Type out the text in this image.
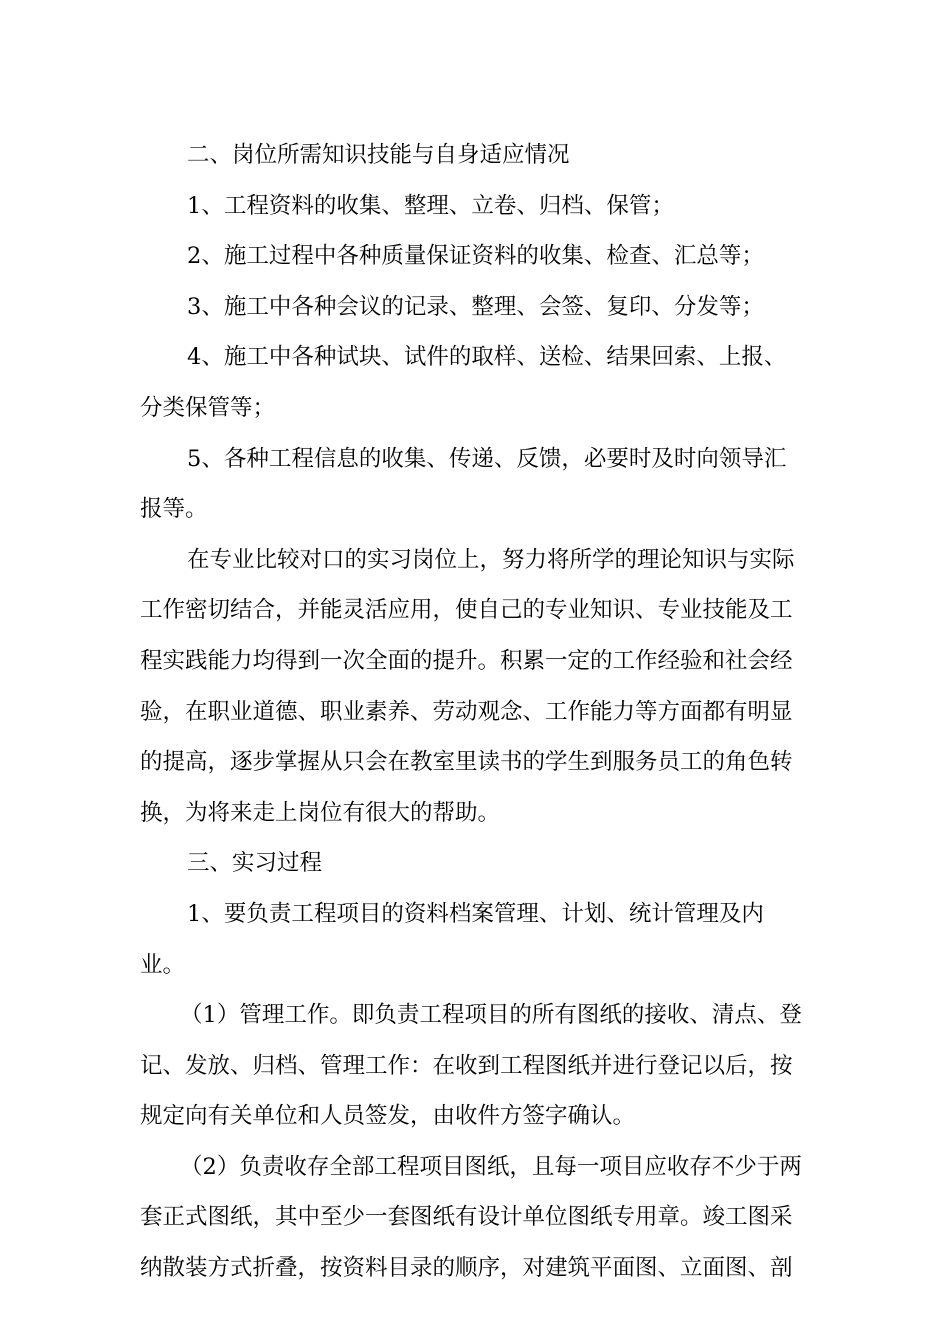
二、岗位所需知识技能与自身适应情况

1、工程资料的收集、整理、立卷、归档、保管；

2、施工过程中各种质量保证资料的收集、检查、汇总等；

3、施工中各种会议的记录、整理、会签、复印、分发等；

4、施工中各种试块、试件的取样、送检、结果回索、上报、分类保管等；

5、各种工程信息的收集、传递、反馈，必要时及时向领导汇报等。

在专业比较对口的实习岗位上，努力将所学的理论知识与实际工作密切结合，并能灵活应用，使自己的专业知识、专业技能及工程实践能力均得到一次全面的提升。积累一定的工作经验和社会经验，在职业道德、职业素养、劳动观念、工作能力等方面都有明显的提高，逐步掌握从只会在教室里读书的学生到服务员工的角色转换，为将来走上岗位有很大的帮助。

三、实习过程

1、要负责工程项目的资料档案管理、计划、统计管理及内业。

（1）管理工作。即负责工程项目的所有图纸的接收、清点、登记、发放、归档、管理工作：在收到工程图纸并进行登记以后，按规定向有关单位和人员签发，由收件方签字确认。

（2）负责收存全部工程项目图纸，且每一项目应收存不少于两套正式图纸，其中至少一套图纸有设计单位图纸专用章。竣工图采纳散装方式折叠，按资料目录的顺序，对建筑平面图、立面图、剖
